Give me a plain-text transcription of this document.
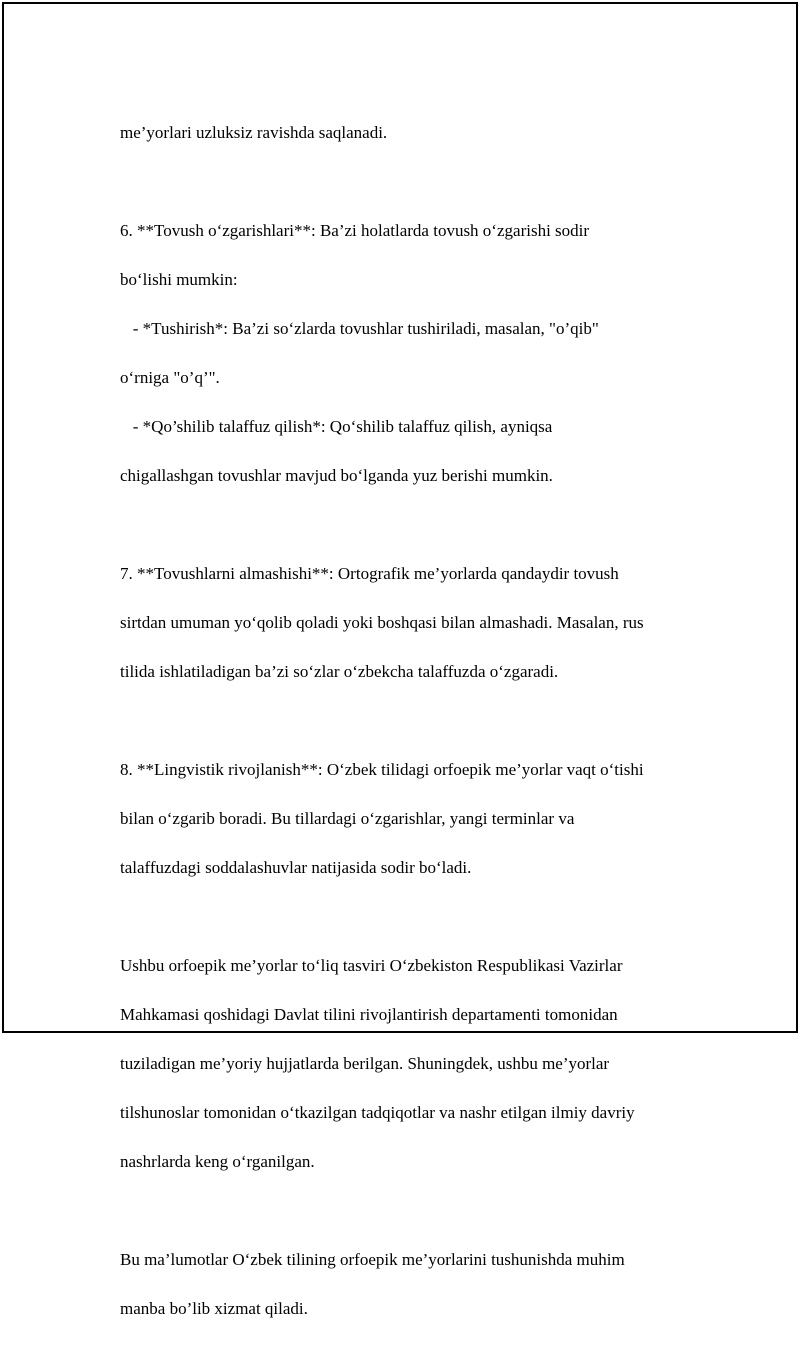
me’yorlari uzluksiz ravishda saqlanadi.

6. **Tovush o‘zgarishlari**: Ba’zi holatlarda tovush o‘zgarishi sodir

bo‘lishi mumkin:

- *Tushirish*: Ba’zi so‘zlarda tovushlar tushiriladi, masalan, "o’qib"

o‘rniga "o’q’".

- *Qo’shilib talaffuz qilish*: Qo‘shilib talaffuz qilish, ayniqsa

chigallashgan tovushlar mavjud bo‘lganda yuz berishi mumkin.

7. **Tovushlarni almashishi**: Ortografik me’yorlarda qandaydir tovush

sirtdan umuman yo‘qolib qoladi yoki boshqasi bilan almashadi. Masalan, rus

tilida ishlatiladigan ba’zi so‘zlar o‘zbekcha talaffuzda o‘zgaradi.

8. **Lingvistik rivojlanish**: O‘zbek tilidagi orfoepik me’yorlar vaqt o‘tishi

bilan o‘zgarib boradi. Bu tillardagi o‘zgarishlar, yangi terminlar va

talaffuzdagi soddalashuvlar natijasida sodir bo‘ladi.

Ushbu orfoepik me’yorlar to‘liq tasviri O‘zbekiston Respublikasi Vazirlar

Mahkamasi qoshidagi Davlat tilini rivojlantirish departamenti tomonidan

tuziladigan me’yoriy hujjatlarda berilgan. Shuningdek, ushbu me’yorlar

tilshunoslar tomonidan o‘tkazilgan tadqiqotlar va nashr etilgan ilmiy davriy

nashrlarda keng o‘rganilgan.

Bu ma’lumotlar O‘zbek tilining orfoepik me’yorlarini tushunishda muhim

manba bo’lib xizmat qiladi.
